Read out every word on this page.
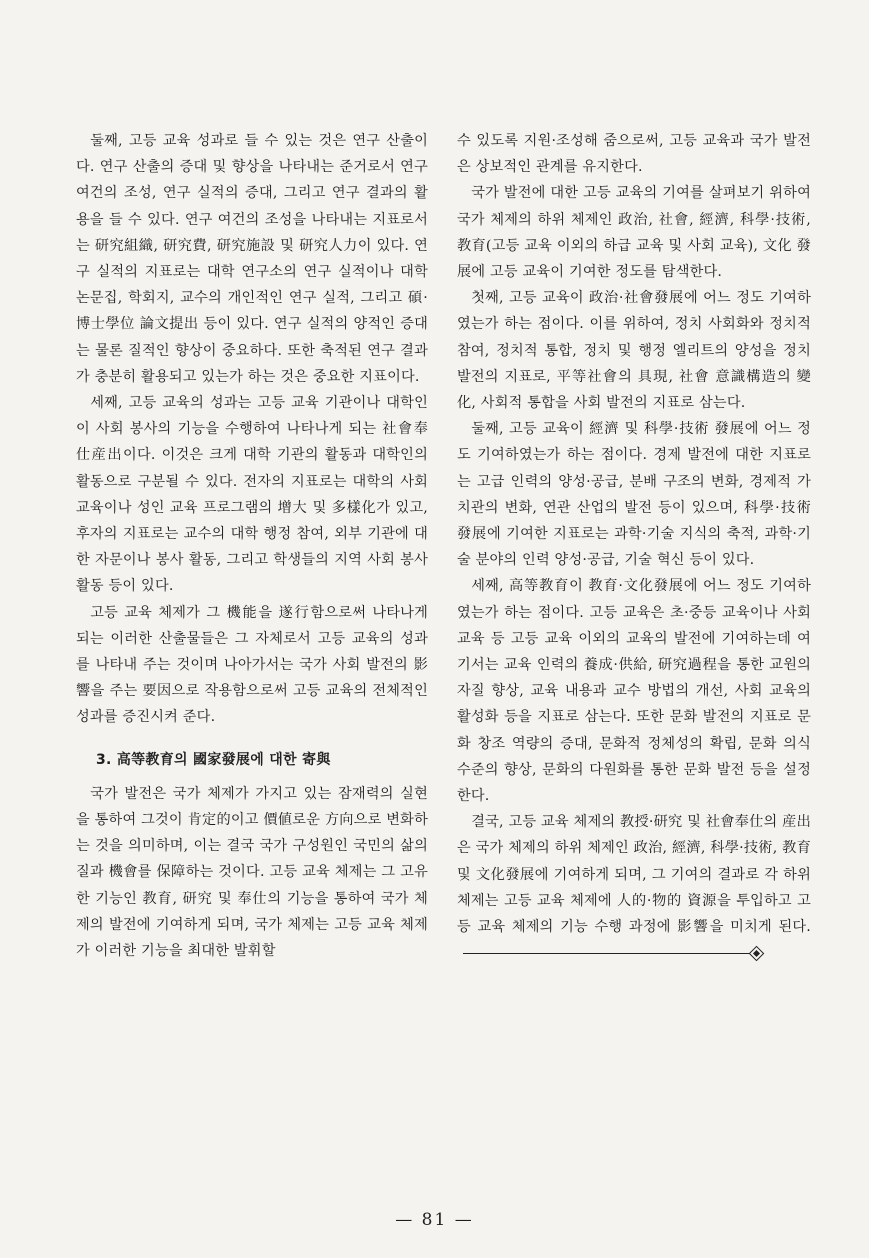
둘째, 고등 교육 성과로 들 수 있는 것은 연구 산출이다. 연구 산출의 증대 및 향상을 나타내는 준거로서 연구 여건의 조성, 연구 실적의 증대, 그리고 연구 결과의 활용을 들 수 있다. 연구 여건의 조성을 나타내는 지표로서는 研究組織, 研究費, 研究施設 및 研究人力이 있다. 연구 실적의 지표로는 대학 연구소의 연구 실적이나 대학 논문집, 학회지, 교수의 개인적인 연구 실적, 그리고 碩·博士學位 論文提出 등이 있다. 연구 실적의 양적인 증대는 물론 질적인 향상이 중요하다. 또한 축적된 연구 결과가 충분히 활용되고 있는가 하는 것은 중요한 지표이다.

세째, 고등 교육의 성과는 고등 교육 기관이나 대학인이 사회 봉사의 기능을 수행하여 나타나게 되는 社會奉仕産出이다. 이것은 크게 대학 기관의 활동과 대학인의 활동으로 구분될 수 있다. 전자의 지표로는 대학의 사회 교육이나 성인 교육 프로그램의 增大 및 多樣化가 있고, 후자의 지표로는 교수의 대학 행정 참여, 외부 기관에 대한 자문이나 봉사 활동, 그리고 학생들의 지역 사회 봉사 활동 등이 있다.

고등 교육 체제가 그 機能을 遂行함으로써 나타나게 되는 이러한 산출물들은 그 자체로서 고등 교육의 성과를 나타내 주는 것이며 나아가서는 국가 사회 발전의 影響을 주는 要因으로 작용함으로써 고등 교육의 전체적인 성과를 증진시켜 준다.

3. 高等教育의 國家發展에 대한 寄與

국가 발전은 국가 체제가 가지고 있는 잠재력의 실현을 통하여 그것이 肯定的이고 價値로운 方向으로 변화하는 것을 의미하며, 이는 결국 국가 구성원인 국민의 삶의 질과 機會를 保障하는 것이다. 고등 교육 체제는 그 고유한 기능인 教育, 研究 및 奉仕의 기능을 통하여 국가 체제의 발전에 기여하게 되며, 국가 체제는 고등 교육 체제가 이러한 기능을 최대한 발휘할

수 있도록 지원·조성해 줌으로써, 고등 교육과 국가 발전은 상보적인 관계를 유지한다.

국가 발전에 대한 고등 교육의 기여를 살펴보기 위하여 국가 체제의 하위 체제인 政治, 社會, 經濟, 科學·技術, 教育(고등 교육 이외의 하급 교육 및 사회 교육), 文化 發展에 고등 교육이 기여한 정도를 탐색한다.

첫째, 고등 교육이 政治·社會發展에 어느 정도 기여하였는가 하는 점이다. 이를 위하여, 정치 사회화와 정치적 참여, 정치적 통합, 정치 및 행정 엘리트의 양성을 정치 발전의 지표로, 平等社會의 具現, 社會 意識構造의 變化, 사회적 통합을 사회 발전의 지표로 삼는다.

둘째, 고등 교육이 經濟 및 科學·技術 發展에 어느 정도 기여하였는가 하는 점이다. 경제 발전에 대한 지표로는 고급 인력의 양성·공급, 분배 구조의 변화, 경제적 가치관의 변화, 연관 산업의 발전 등이 있으며, 科學·技術發展에 기여한 지표로는 과학·기술 지식의 축적, 과학·기술 분야의 인력 양성·공급, 기술 혁신 등이 있다.

세째, 高等教育이 教育·文化發展에 어느 정도 기여하였는가 하는 점이다. 고등 교육은 초·중등 교육이나 사회 교육 등 고등 교육 이외의 교육의 발전에 기여하는데 여기서는 교육 인력의 養成·供給, 研究過程을 통한 교원의 자질 향상, 교육 내용과 교수 방법의 개선, 사회 교육의 활성화 등을 지표로 삼는다. 또한 문화 발전의 지표로 문화 창조 역량의 증대, 문화적 정체성의 확립, 문화 의식 수준의 향상, 문화의 다원화를 통한 문화 발전 등을 설정한다.

결국, 고등 교육 체제의 教授·研究 및 社會奉仕의 産出은 국가 체제의 하위 체제인 政治, 經濟, 科學·技術, 教育 및 文化發展에 기여하게 되며, 그 기여의 결과로 각 하위 체제는 고등 교육 체제에 人的·物的 資源을 투입하고 고등 교육 체제의 기능 수행 과정에 影響을 미치게 된다.

— 81 —
